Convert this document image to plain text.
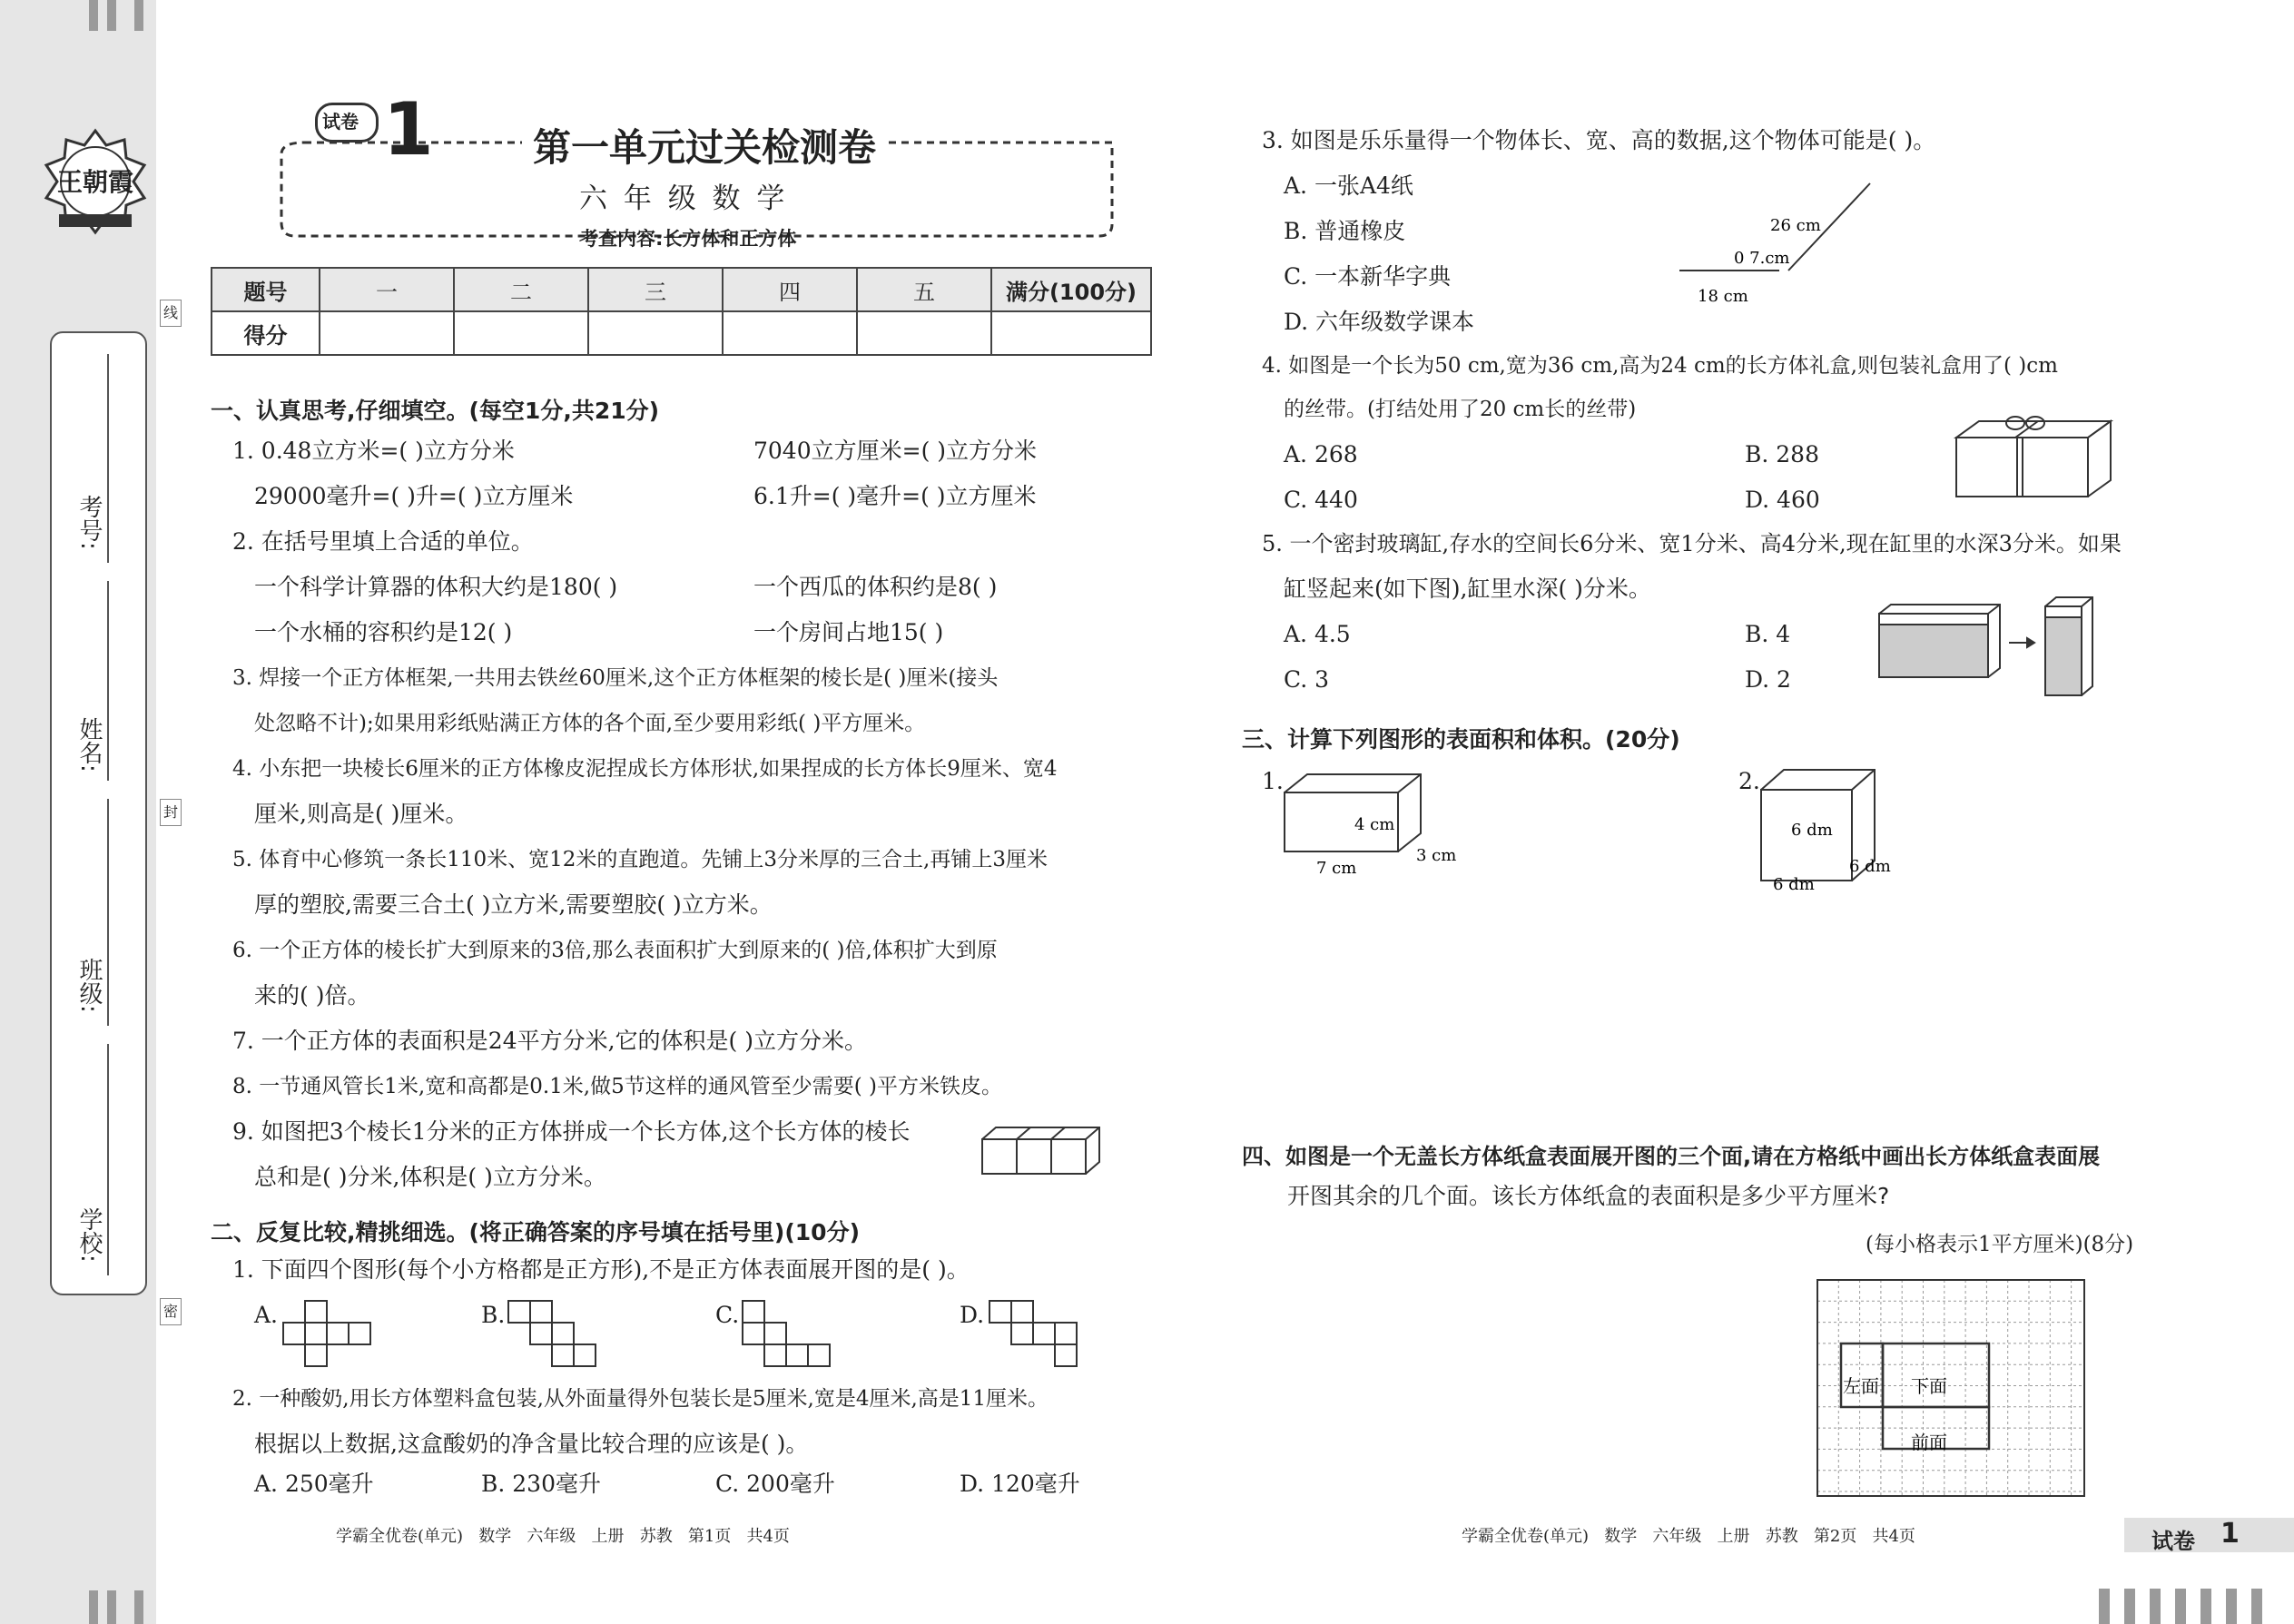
王朝霞
考号:
姓名:
班级:
学校:
线
封
密
试卷 1	第一单元过关检测卷
六 年 级 数 学
考查内容:长方体和正方体
题号	一	二	三	四	五	满分(100分)
得分						
一、认真思考,仔细填空。(每空1分,共21分)
1. 0.48立方米=( )立方分米	7040立方厘米=( )立方分米
29000毫升=( )升=( )立方厘米	6.1升=( )毫升=( )立方厘米
2. 在括号里填上合适的单位。
一个科学计算器的体积大约是180( )	一个西瓜的体积约是8( )
一个水桶的容积约是12( )	一个房间占地15( )
3. 焊接一个正方体框架,一共用去铁丝60厘米,这个正方体框架的棱长是( )厘米(接头
处忽略不计);如果用彩纸贴满正方体的各个面,至少要用彩纸( )平方厘米。
4. 小东把一块棱长6厘米的正方体橡皮泥捏成长方体形状,如果捏成的长方体长9厘米、宽4
厘米,则高是( )厘米。
5. 体育中心修筑一条长110米、宽12米的直跑道。先铺上3分米厚的三合土,再铺上3厘米
厚的塑胶,需要三合土( )立方米,需要塑胶( )立方米。
6. 一个正方体的棱长扩大到原来的3倍,那么表面积扩大到原来的( )倍,体积扩大到原
来的( )倍。
7. 一个正方体的表面积是24平方分米,它的体积是( )立方分米。
8. 一节通风管长1米,宽和高都是0.1米,做5节这样的通风管至少需要( )平方米铁皮。
9. 如图把3个棱长1分米的正方体拼成一个长方体,这个长方体的棱长
总和是( )分米,体积是( )立方分米。
二、反复比较,精挑细选。(将正确答案的序号填在括号里)(10分)
1. 下面四个图形(每个小方格都是正方形),不是正方体表面展开图的是( )。
A.	B.	C.	D.
2. 一种酸奶,用长方体塑料盒包装,从外面量得外包装长是5厘米,宽是4厘米,高是11厘米。
根据以上数据,这盒酸奶的净含量比较合理的应该是( )。
A. 250毫升	B. 230毫升	C. 200毫升	D. 120毫升
3. 如图是乐乐量得一个物体长、宽、高的数据,这个物体可能是( )。
A. 一张A4纸
B. 普通橡皮
C. 一本新华字典
D. 六年级数学课本
26 cm
0 7.cm
18 cm
4. 如图是一个长为50 cm,宽为36 cm,高为24 cm的长方体礼盒,则包装礼盒用了( )cm
的丝带。(打结处用了20 cm长的丝带)
A. 268	B. 288
C. 440	D. 460
5. 一个密封玻璃缸,存水的空间长6分米、宽1分米、高4分米,现在缸里的水深3分米。如果
缸竖起来(如下图),缸里水深( )分米。
A. 4.5	B. 4
C. 3	D. 2
三、计算下列图形的表面积和体积。(20分)
1.
4 cm
7 cm
3 cm
2.
6 dm
6 dm
6 dm
四、如图是一个无盖长方体纸盒表面展开图的三个面,请在方格纸中画出长方体纸盒表面展
开图其余的几个面。该长方体纸盒的表面积是多少平方厘米?
(每小格表示1平方厘米)(8分)
左面 下面
前面
学霸全优卷(单元)   数学   六年级   上册   苏教   第1页   共4页	学霸全优卷(单元)   数学   六年级   上册   苏教   第2页   共4页	试卷 1
